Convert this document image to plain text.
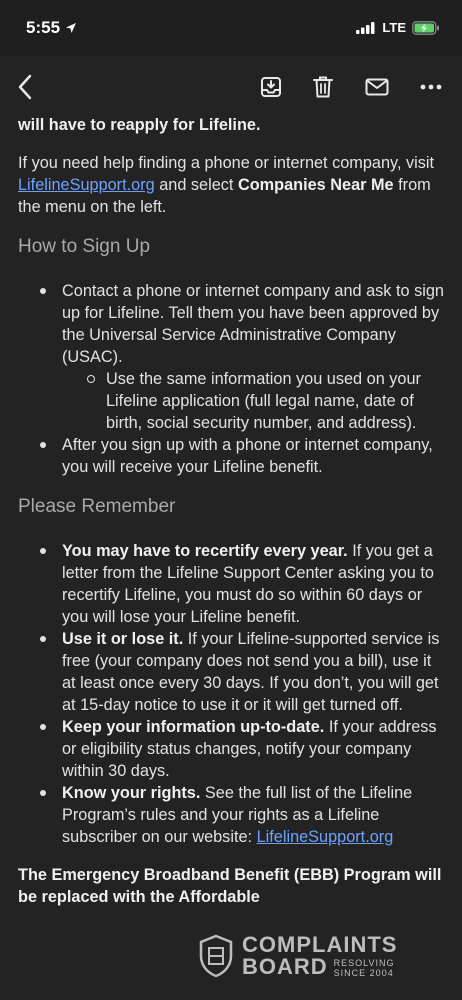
5:55	LTE

will have to reapply for Lifeline.

If you need help finding a phone or internet company, visit LifelineSupport.org and select Companies Near Me from the menu on the left.

How to Sign Up
Contact a phone or internet company and ask to sign up for Lifeline. Tell them you have been approved by the Universal Service Administrative Company (USAC).
Use the same information you used on your Lifeline application (full legal name, date of birth, social security number, and address).
After you sign up with a phone or internet company, you will receive your Lifeline benefit.
Please Remember
You may have to recertify every year. If you get a letter from the Lifeline Support Center asking you to recertify Lifeline, you must do so within 60 days or you will lose your Lifeline benefit.
Use it or lose it. If your Lifeline-supported service is free (your company does not send you a bill), use it at least once every 30 days. If you don’t, you will get at 15-day notice to use it or it will get turned off.
Keep your information up-to-date. If your address or eligibility status changes, notify your company within 30 days.
Know your rights. See the full list of the Lifeline Program’s rules and your rights as a Lifeline subscriber on our website: LifelineSupport.org

The Emergency Broadband Benefit (EBB) Program will be replaced with the Affordable

COMPLAINTS
BOARD RESOLVING
SINCE 2004
